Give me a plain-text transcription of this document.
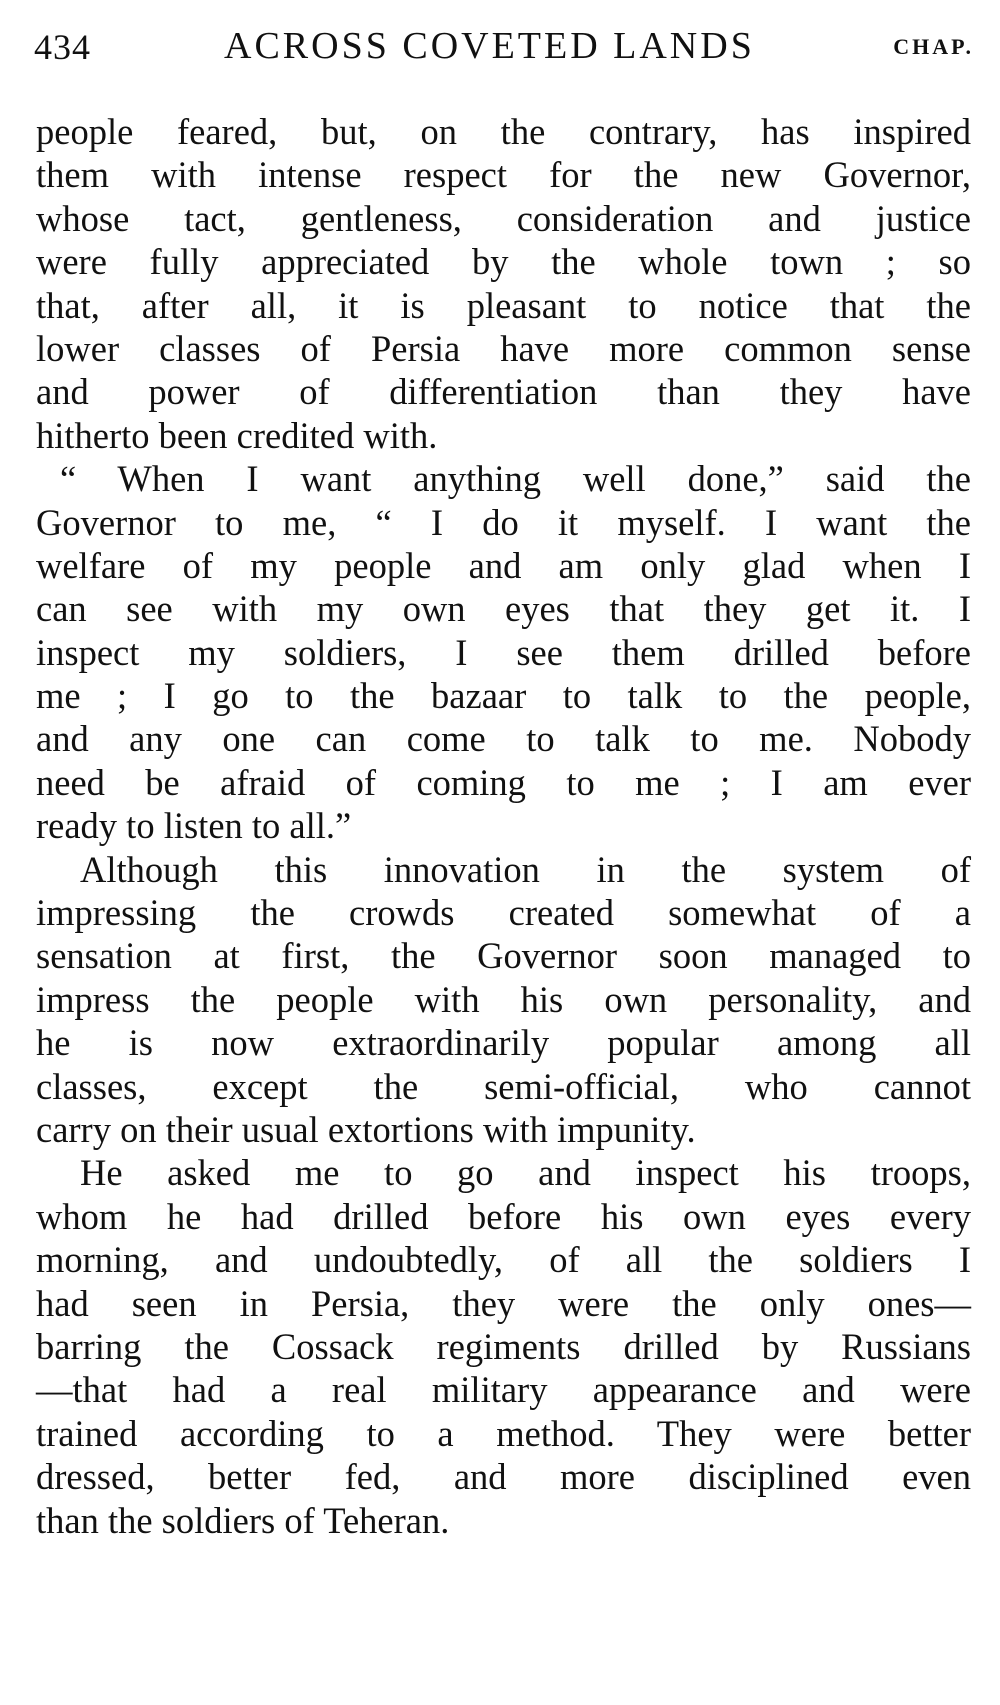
434	ACROSS COVETED LANDS	CHAP.
people feared, but, on the contrary, has inspired
them with intense respect for the new Governor,
whose tact, gentleness, consideration and justice
were fully appreciated by the whole town ; so
that, after all, it is pleasant to notice that the
lower classes of Persia have more common sense
and power of differentiation than they have
hitherto been credited with.
“ When I want anything well done,” said the
Governor to me, “ I do it myself. I want the
welfare of my people and am only glad when I
can see with my own eyes that they get it. I
inspect my soldiers, I see them drilled before
me ; I go to the bazaar to talk to the people,
and any one can come to talk to me. Nobody
need be afraid of coming to me ; I am ever
ready to listen to all.”
Although this innovation in the system of
impressing the crowds created somewhat of a
sensation at first, the Governor soon managed to
impress the people with his own personality, and
he is now extraordinarily popular among all
classes, except the semi-official, who cannot
carry on their usual extortions with impunity.
He asked me to go and inspect his troops,
whom he had drilled before his own eyes every
morning, and undoubtedly, of all the soldiers I
had seen in Persia, they were the only ones—
barring the Cossack regiments drilled by Russians
—that had a real military appearance and were
trained according to a method. They were better
dressed, better fed, and more disciplined even
than the soldiers of Teheran.
